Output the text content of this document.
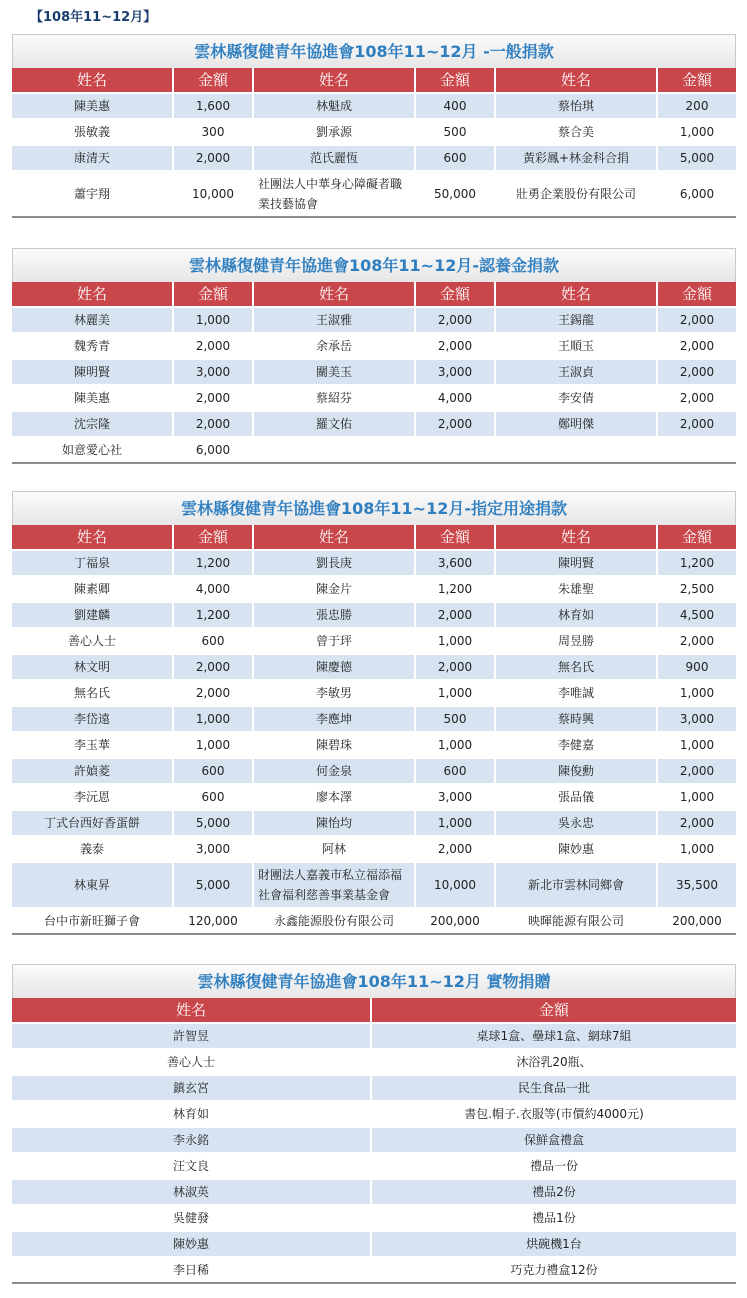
【108年11~12月】
雲林縣復健青年協進會108年11~12月 -一般捐款
姓名	金額	姓名	金額	姓名	金額
陳美惠	1,600	林魁成	400	蔡怡琪	200
張敏義	300	劉承源	500	蔡合美	1,000
康清天	2,000	范氏麗恆	600	黃彩鳳+林金科合捐	5,000
蕭宇翔	10,000	社團法人中華身心障礙者職業技藝協會	50,000	壯勇企業股份有限公司	6,000
雲林縣復健青年協進會108年11~12月-認養金捐款
姓名	金額	姓名	金額	姓名	金額
林麗美	1,000	王淑雅	2,000	王錫龍	2,000
魏秀青	2,000	余承岳	2,000	王順玉	2,000
陳明賢	3,000	關美玉	3,000	王淑貞	2,000
陳美惠	2,000	蔡紹芬	4,000	李安倩	2,000
沈宗隆	2,000	羅文佑	2,000	鄭明傑	2,000
如意愛心社	6,000				
雲林縣復健青年協進會108年11~12月-指定用途捐款
姓名	金額	姓名	金額	姓名	金額
丁福泉	1,200	劉長庚	3,600	陳明賢	1,200
陳素卿	4,000	陳金片	1,200	朱雄聖	2,500
劉建麟	1,200	張忠勝	2,000	林育如	4,500
善心人士	600	曾于玶	1,000	周昱勝	2,000
林文明	2,000	陳慶德	2,000	無名氏	900
無名氏	2,000	李敏男	1,000	李唯誠	1,000
李岱遠	1,000	李應坤	500	蔡時興	3,000
李玉華	1,000	陳碧珠	1,000	李健嘉	1,000
許媜菱	600	何金泉	600	陳俊勳	2,000
李沅恩	600	廖本澤	3,000	張品儀	1,000
丁式台西好香蛋餅	5,000	陳怡均	1,000	吳永忠	2,000
義泰	3,000	阿林	2,000	陳妙惠	1,000
林東昇	5,000	財團法人嘉義市私立福添福社會福利慈善事業基金會	10,000	新北市雲林同鄉會	35,500
台中市新旺獅子會	120,000	永鑫能源股份有限公司	200,000	映暉能源有限公司	200,000
雲林縣復健青年協進會108年11~12月 實物捐贈
姓名	金額
許智昱	桌球1盒、壘球1盒、網球7組
善心人士	沐浴乳20瓶、
鎮玄宮	民生食品一批
林育如	書包.帽子.衣服等(市價約4000元)
李永銘	保鮮盒禮盒
汪文良	禮品一份
林淑英	禮品2份
吳健發	禮品1份
陳妙惠	烘碗機1台
李日稀	巧克力禮盒12份
